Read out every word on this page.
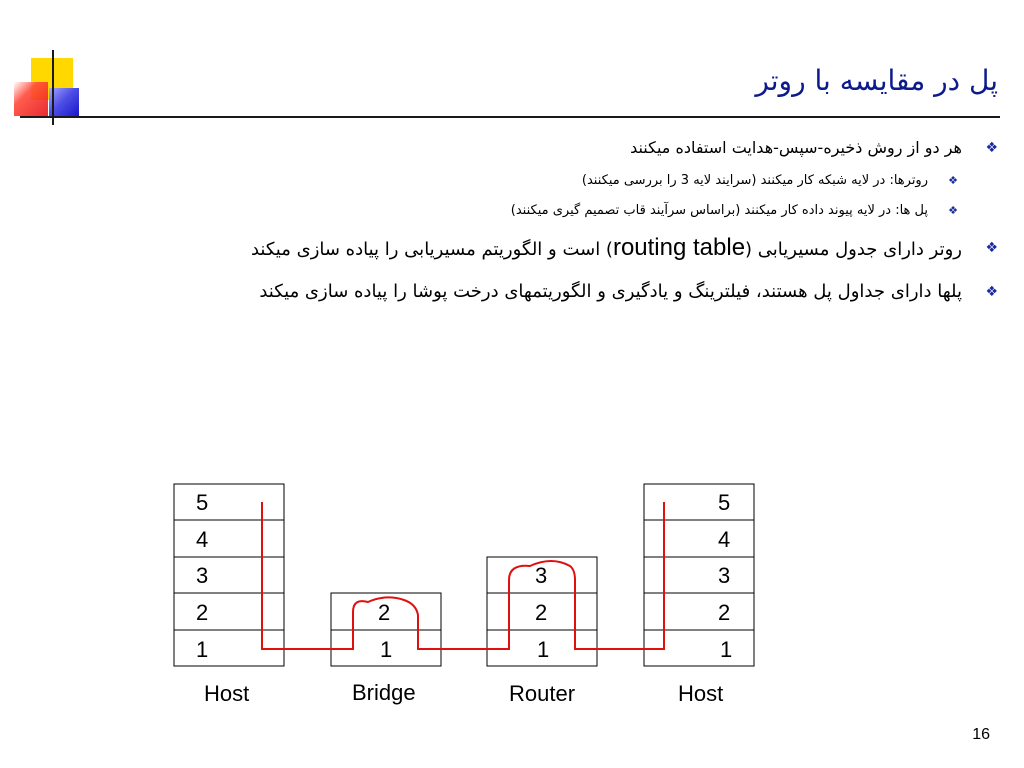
پل در مقایسه با روتر
❖
هر دو از روش ذخیره-سپس-هدایت استفاده میکنند
❖
روترها: در لایه شبکه کار میکنند (سرایند لایه 3 را بررسی میکنند)
❖
پل ها: در لایه پیوند داده کار میکنند (براساس سرآیند قاب تصمیم گیری میکنند)
❖
روتر دارای جدول مسیریابی (routing table) است و الگوریتم مسیریابی را پیاده سازی میکند
❖
پلها دارای جداول پل هستند، فیلترینگ و یادگیری و الگوریتمهای درخت پوشا را پیاده سازی میکند
5
4
3
2
1
Host
2
1
Bridge
3
2
1
Router
5
4
3
2
1
Host
16
